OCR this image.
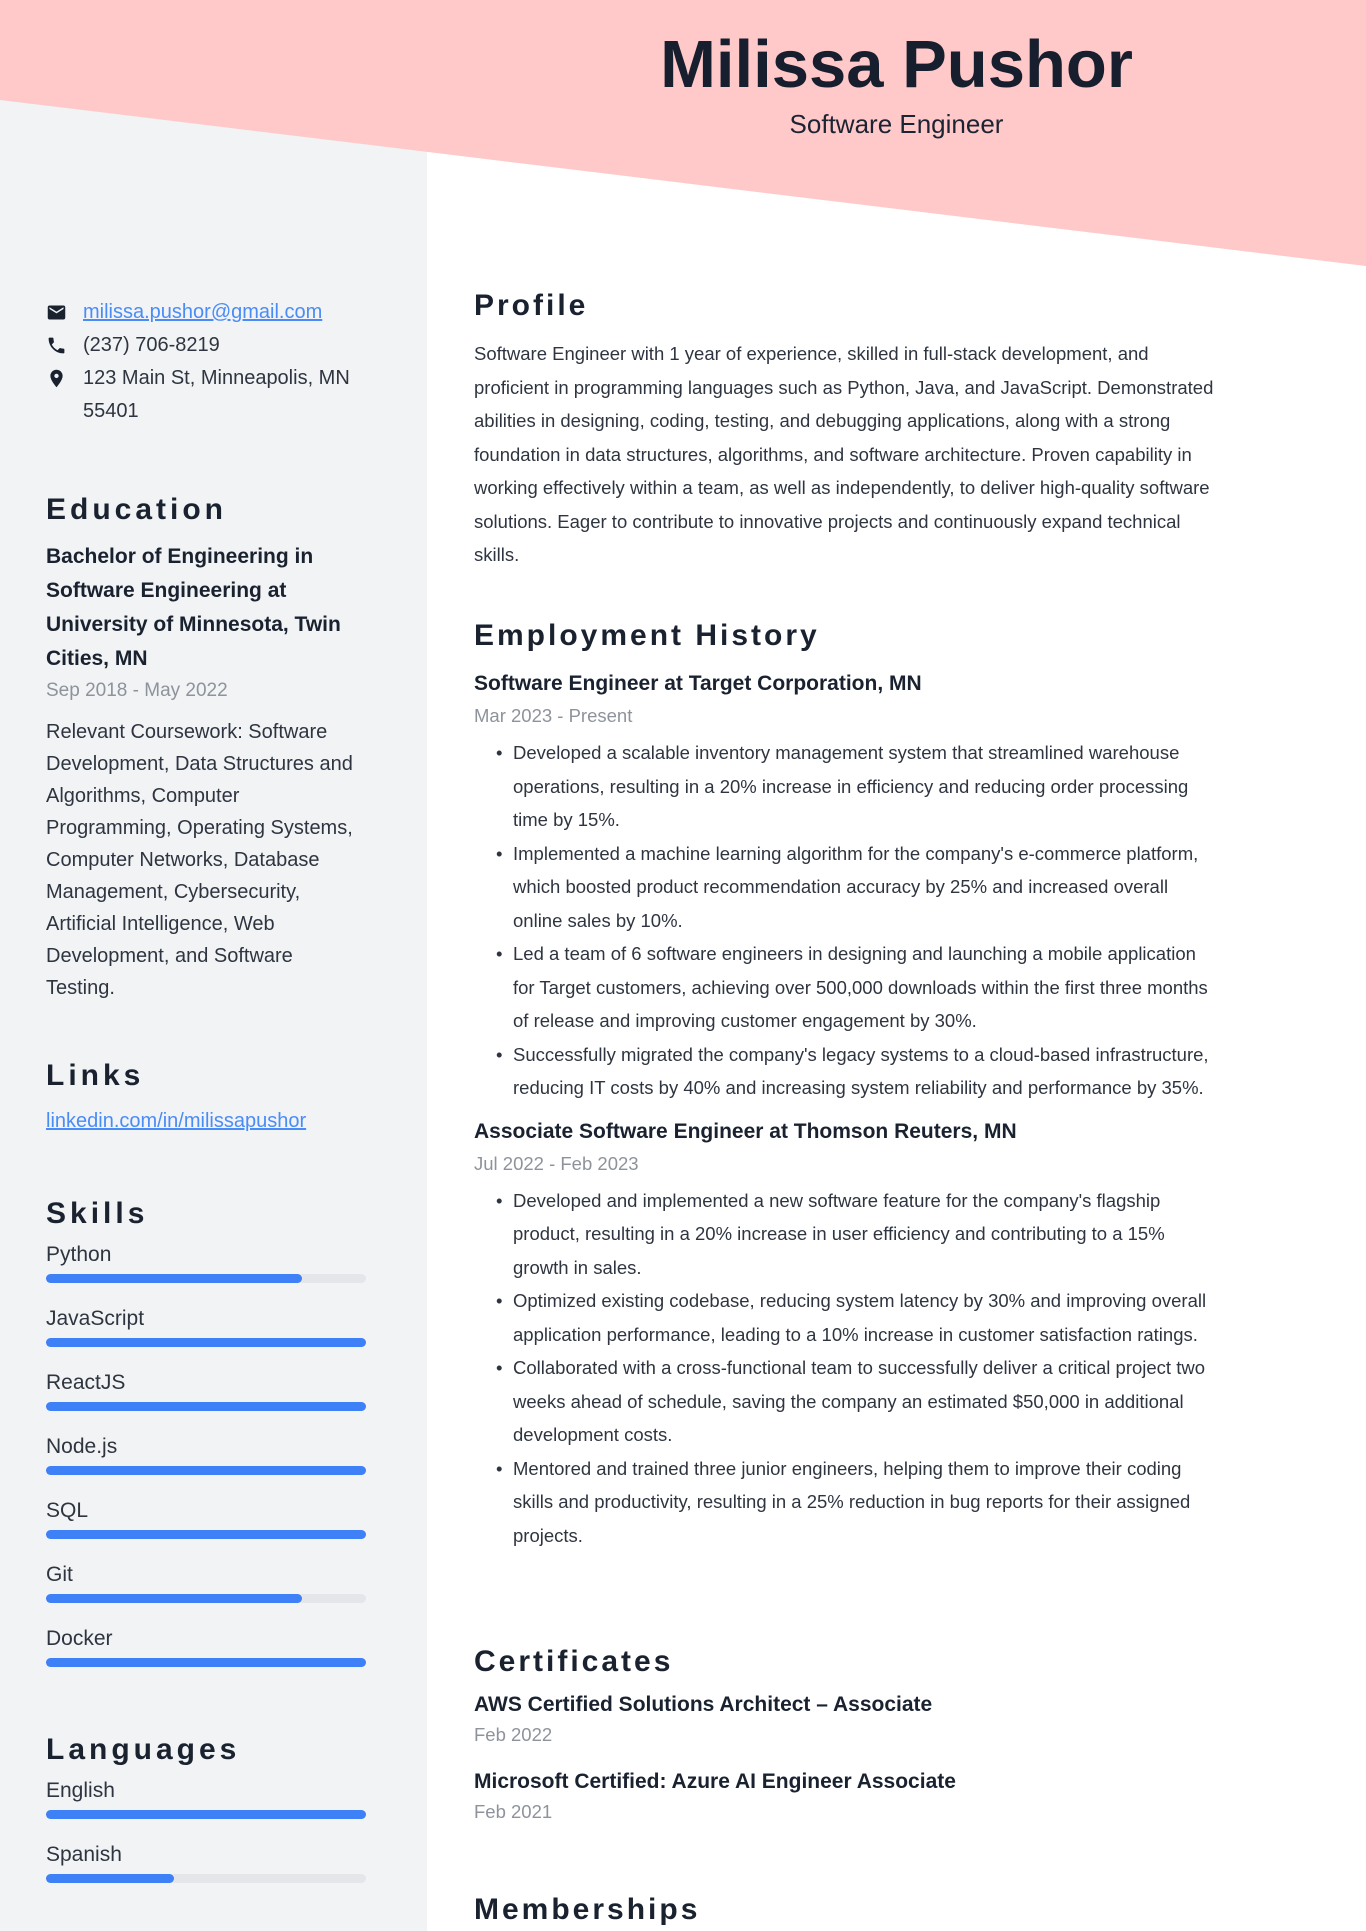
milissa.pushor@gmail.com
(237) 706-8219
123 Main St, Minneapolis, MN 55401
Education
Bachelor of Engineering in Software Engineering at University of Minnesota, Twin Cities, MN
Sep 2018 - May 2022
Relevant Coursework: Software Development, Data Structures and Algorithms, Computer Programming, Operating Systems, Computer Networks, Database Management, Cybersecurity, Artificial Intelligence, Web Development, and Software Testing.
Links
linkedin.com/in/milissapushor
Skills
Python
JavaScript
ReactJS
Node.js
SQL
Git
Docker
Languages
English
Spanish
Milissa Pushor
Software Engineer
Profile

Software Engineer with 1 year of experience, skilled in full-stack development, and proficient in programming languages such as Python, Java, and JavaScript. Demonstrated abilities in designing, coding, testing, and debugging applications, along with a strong foundation in data structures, algorithms, and software architecture. Proven capability in working effectively within a team, as well as independently, to deliver high-quality software solutions. Eager to contribute to innovative projects and continuously expand technical skills.

Employment History
Software Engineer at Target Corporation, MN
Mar 2023 - Present
• Developed a scalable inventory management system that streamlined warehouse operations, resulting in a 20% increase in efficiency and reducing order processing time by 15%.
• Implemented a machine learning algorithm for the company's e-commerce platform, which boosted product recommendation accuracy by 25% and increased overall online sales by 10%.
• Led a team of 6 software engineers in designing and launching a mobile application for Target customers, achieving over 500,000 downloads within the first three months of release and improving customer engagement by 30%.
• Successfully migrated the company's legacy systems to a cloud-based infrastructure, reducing IT costs by 40% and increasing system reliability and performance by 35%.
Associate Software Engineer at Thomson Reuters, MN
Jul 2022 - Feb 2023
• Developed and implemented a new software feature for the company's flagship product, resulting in a 20% increase in user efficiency and contributing to a 15% growth in sales.
• Optimized existing codebase, reducing system latency by 30% and improving overall application performance, leading to a 10% increase in customer satisfaction ratings.
• Collaborated with a cross-functional team to successfully deliver a critical project two weeks ahead of schedule, saving the company an estimated $50,000 in additional development costs.
• Mentored and trained three junior engineers, helping them to improve their coding skills and productivity, resulting in a 25% reduction in bug reports for their assigned projects.
Certificates
AWS Certified Solutions Architect – Associate
Feb 2022
Microsoft Certified: Azure AI Engineer Associate
Feb 2021
Memberships
